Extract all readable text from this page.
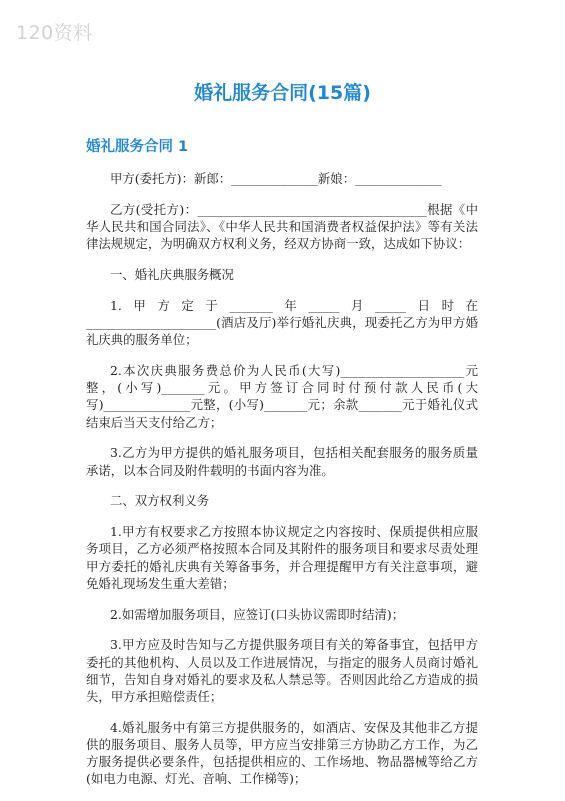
120资料
婚礼服务合同(15篇)
婚礼服务合同 1

甲方(委托方)：新郎：______________新娘：______________

乙方(受托方)：_____________________________________根据《中华人民共和国合同法》、《中华人民共和国消费者权益保护法》等有关法律法规规定，为明确双方权利义务，经双方协商一致，达成如下协议：

一、婚礼庆典服务概况

1.甲方定于_______年_____月_____日时在_____________________(酒店及厅)举行婚礼庆典，现委托乙方为甲方婚礼庆典的服务单位；

2.本次庆典服务费总价为人民币(大写)____________________元整，(小写)_______元。甲方签订合同时付预付款人民币(大写)______________元整，(小写)_______元；余款_______元于婚礼仪式结束后当天支付给乙方；

3.乙方为甲方提供的婚礼服务项目，包括相关配套服务的服务质量承诺，以本合同及附件载明的书面内容为准。

二、双方权利义务

1.甲方有权要求乙方按照本协议规定之内容按时、保质提供相应服务项目，乙方必须严格按照本合同及其附件的服务项目和要求尽责处理甲方委托的婚礼庆典有关筹备事务，并合理提醒甲方有关注意事项，避免婚礼现场发生重大差错；

2.如需增加服务项目，应签订(口头协议需即时结清)；

3.甲方应及时告知与乙方提供服务项目有关的筹备事宜，包括甲方委托的其他机构、人员以及工作进展情况，与指定的服务人员商讨婚礼细节，告知自身对婚礼的要求及私人禁忌等。否则因此给乙方造成的损失，甲方承担赔偿责任；

4.婚礼服务中有第三方提供服务的，如酒店、安保及其他非乙方提供的服务项目、服务人员等，甲方应当安排第三方协助乙方工作，为乙方服务提供必要条件，包括提供相应的、工作场地、物品器械等给乙方(如电力电源、灯光、音响、工作梯等)；
